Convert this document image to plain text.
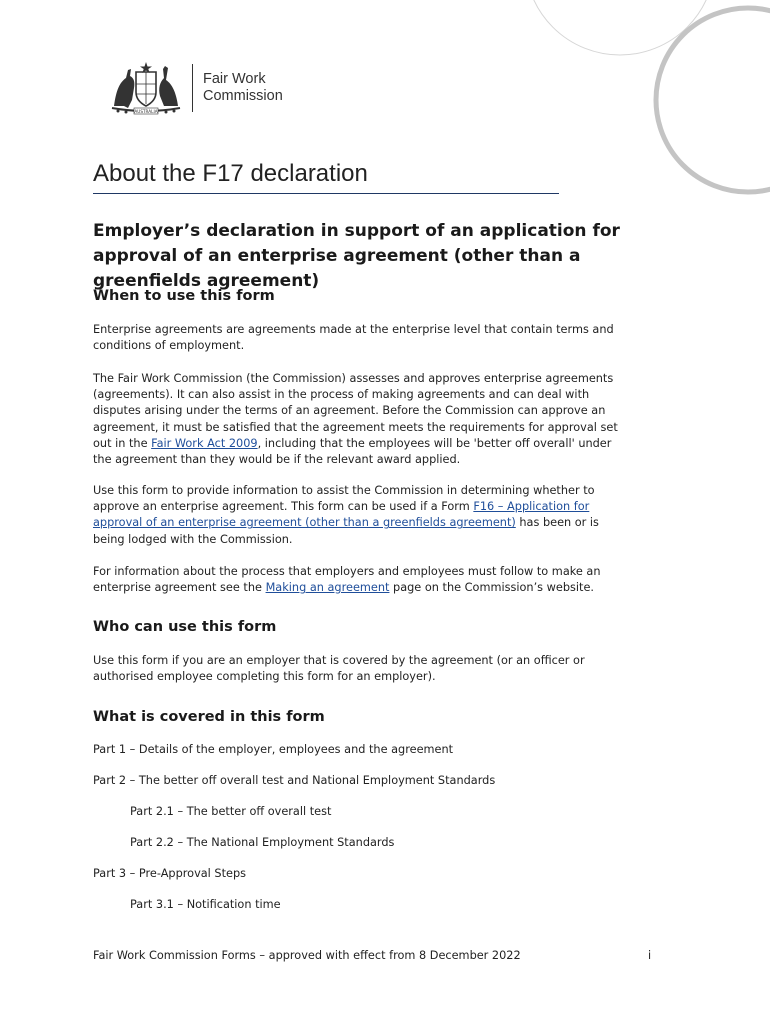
AUSTRALIA
Fair Work
Commission
About the F17 declaration
Employer’s declaration in support of an application for approval of an enterprise agreement (other than a greenfields agreement)
When to use this form

Enterprise agreements are agreements made at the enterprise level that contain terms and conditions of employment.

The Fair Work Commission (the Commission) assesses and approves enterprise agreements (agreements). It can also assist in the process of making agreements and can deal with disputes arising under the terms of an agreement. Before the Commission can approve an agreement, it must be satisfied that the agreement meets the requirements for approval set out in the Fair Work Act 2009, including that the employees will be 'better off overall' under the agreement than they would be if the relevant award applied.

Use this form to provide information to assist the Commission in determining whether to approve an enterprise agreement. This form can be used if a Form F16 – Application for approval of an enterprise agreement (other than a greenfields agreement) has been or is being lodged with the Commission.

For information about the process that employers and employees must follow to make an enterprise agreement see the Making an agreement page on the Commission’s website.

Who can use this form

Use this form if you are an employer that is covered by the agreement (or an officer or authorised employee completing this form for an employer).

What is covered in this form

Part 1 – Details of the employer, employees and the agreement

Part 2 – The better off overall test and National Employment Standards

Part 2.1 – The better off overall test

Part 2.2 – The National Employment Standards

Part 3 – Pre-Approval Steps

Part 3.1 – Notification time

Fair Work Commission Forms – approved with effect from 8 December 2022	i
